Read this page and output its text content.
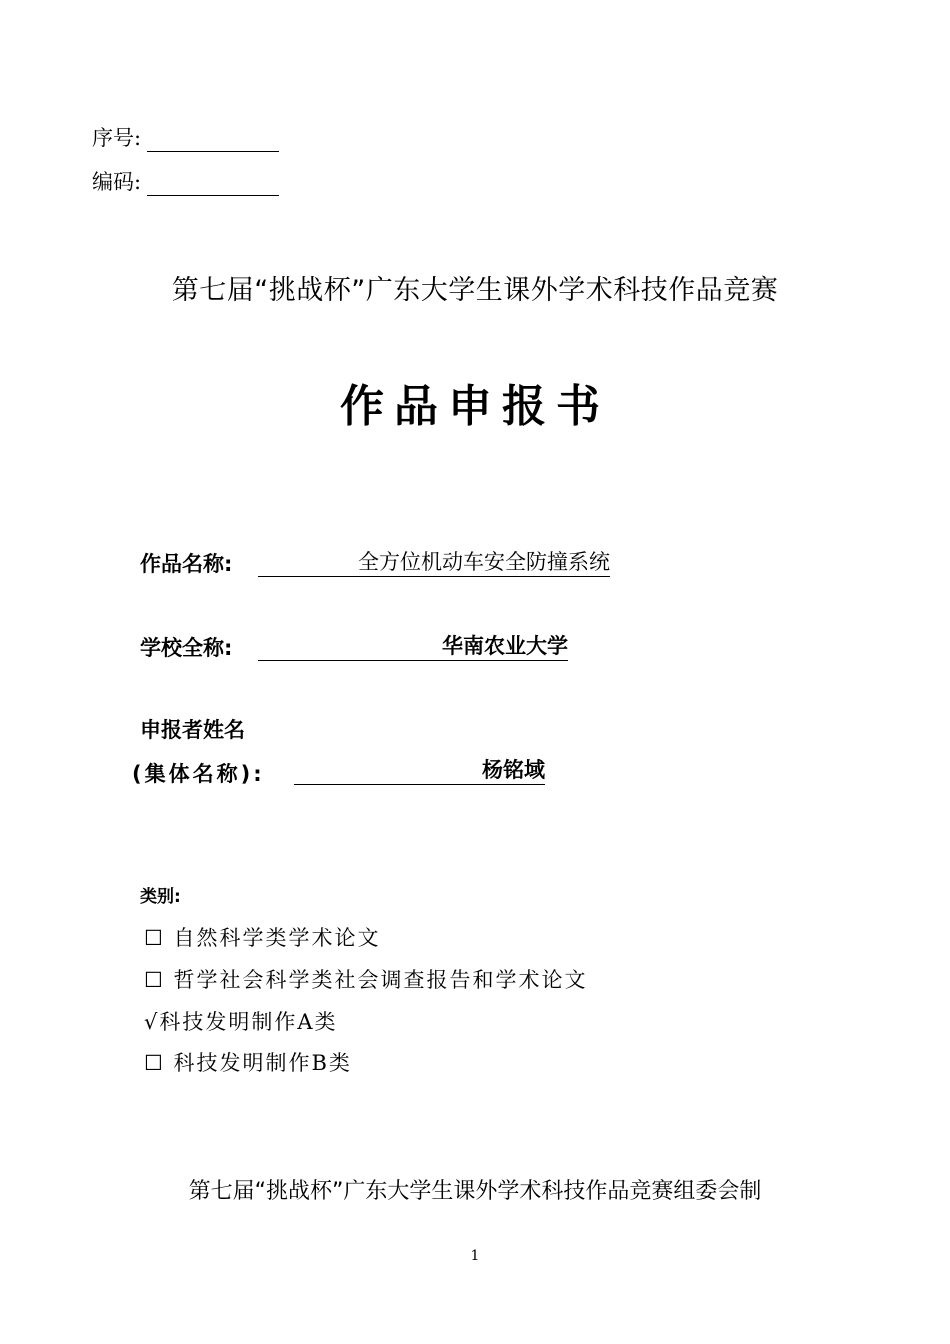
序号:
编码:
第七届“挑战杯”广东大学生课外学术科技作品竞赛
作品申报书
作品名称:	全方位机动车安全防撞系统
学校全称:	华南农业大学
申报者姓名
(集体名称):	杨铭域
类别:
☐ 自然科学类学术论文
☐ 哲学社会科学类社会调查报告和学术论文
√科技发明制作A类
☐ 科技发明制作B类
第七届“挑战杯”广东大学生课外学术科技作品竞赛组委会制
1
